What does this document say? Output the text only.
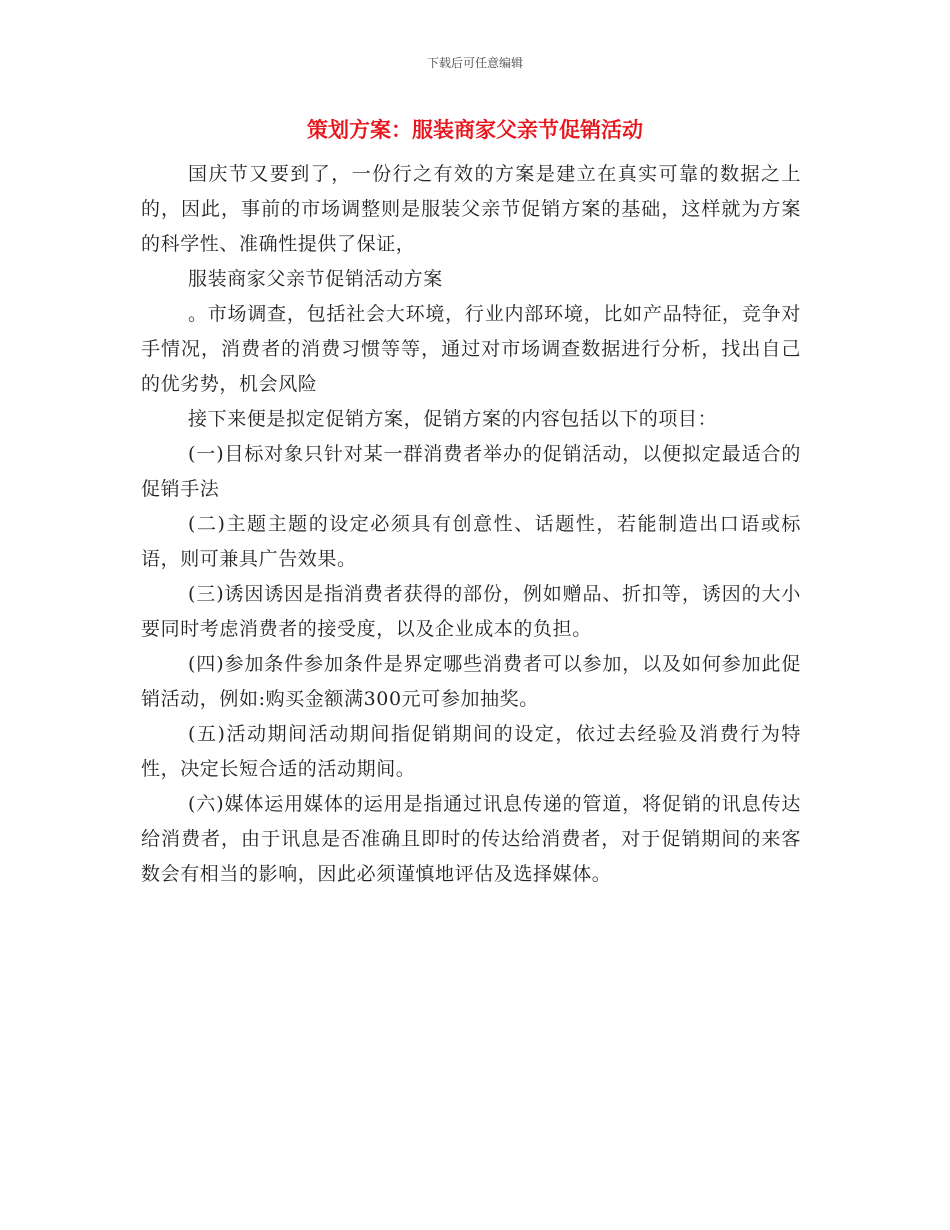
下载后可任意编辑
策划方案：服装商家父亲节促销活动

国庆节又要到了，一份行之有效的方案是建立在真实可靠的数据之上的，因此，事前的市场调整则是服装父亲节促销方案的基础，这样就为方案的科学性、准确性提供了保证，

服装商家父亲节促销活动方案

。市场调查，包括社会大环境，行业内部环境，比如产品特征，竞争对手情况，消费者的消费习惯等等，通过对市场调查数据进行分析，找出自己的优劣势，机会风险

接下来便是拟定促销方案，促销方案的内容包括以下的项目：

(一)目标对象只针对某一群消费者举办的促销活动，以便拟定最适合的促销手法

(二)主题主题的设定必须具有创意性、话题性，若能制造出口语或标语，则可兼具广告效果。

(三)诱因诱因是指消费者获得的部份，例如赠品、折扣等，诱因的大小要同时考虑消费者的接受度，以及企业成本的负担。

(四)参加条件参加条件是界定哪些消费者可以参加，以及如何参加此促销活动，例如:购买金额满300元可参加抽奖。

(五)活动期间活动期间指促销期间的设定，依过去经验及消费行为特性，决定长短合适的活动期间。

(六)媒体运用媒体的运用是指通过讯息传递的管道，将促销的讯息传达给消费者，由于讯息是否准确且即时的传达给消费者，对于促销期间的来客数会有相当的影响，因此必须谨慎地评估及选择媒体。
